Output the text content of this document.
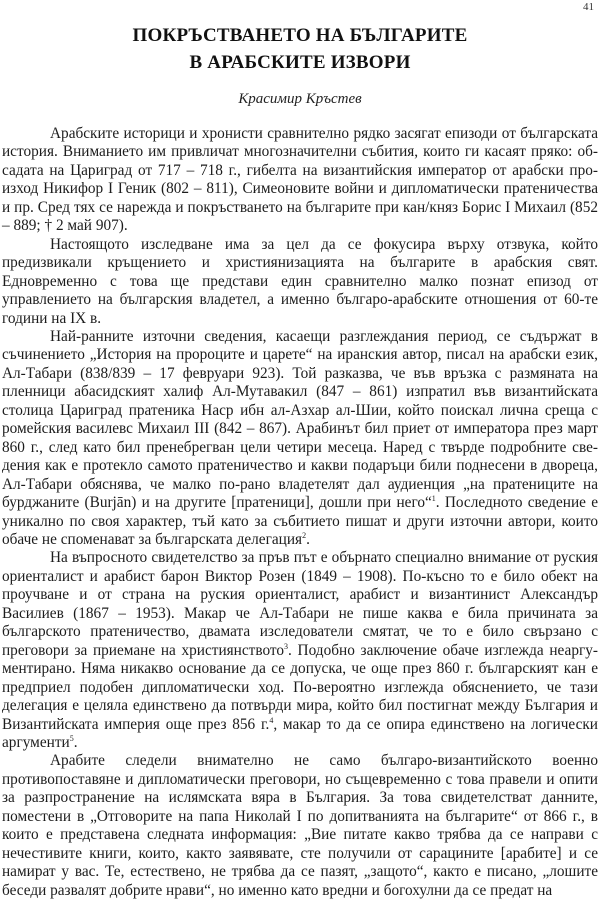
41
ПОКРЪСТВАНЕТО НА БЪЛГАРИТЕ
В АРАБСКИТЕ ИЗВОРИ
Красимир Кръстев

Арабските историци и хронисти сравнително рядко засягат епизоди от българската история. Вниманието им привличат многозначителни събития, които ги касаят пряко: обсадата на Цариград от 717 – 718 г., гибелта на византийския император от арабски произход Никифор I Геник (802 – 811), Симеоновите войни и дипломатически пратеничества и пр. Сред тях се нарежда и покръстването на българите при кан/княз Борис I Михаил (852 – 889; † 2 май 907).

Настоящото изследване има за цел да се фокусира върху отзвука, който предизвикали кръщението и християнизацията на българите в арабския свят. Едновременно с това ще представи един сравнително малко познат епизод от управлението на българския владетел, а именно българо-арабските отношения от 60-те години на IX в.

Най-ранните източни сведения, касаещи разглеждания период, се съдържат в съчинението „История на пророците и царете“ на иранския автор, писал на арабски език, Ал-Табари (838/839 – 17 февруари 923). Той разказва, че във връзка с размяната на пленници абасидският халиф Ал-Мутавакил (847 – 861) изпратил във византийската столица Цариград пратеника Наср ибн ал-Азхар ал-Шии, който поискал лична среща с ромейския василевс Михаил III (842 – 867). Арабинът бил приет от императора през март 860 г., след като бил пренебрегван цели четири месеца. Наред с твърде подробните сведения как е протекло самото пратеничество и какви подаръци били поднесени в двореца, Ал-Табари обяснява, че малко по-рано владетелят дал аудиенция „на пратениците на бурджаните (Burjān) и на другите [пратеници], дошли при него“$^1$. Последното сведение е уникално по своя характер, тъй като за събитието пишат и други източни автори, които обаче не споменават за българската делегация$^2$.

На въпросното свидетелство за пръв път е обърнато специално внимание от руския ориенталист и арабист барон Виктор Розен (1849 – 1908). По-късно то е било обект на проучване и от страна на руския ориенталист, арабист и византинист Александър Василиев (1867 – 1953). Макар че Ал-Табари не пише каква е била причината за българското пратеничество, двамата изследователи смятат, че то е било свързано с преговори за приемане на християнството$^3$. Подобно заключение обаче изглежда неаргументирано. Няма никакво основание да се допуска, че още през 860 г. българският кан е предприел подобен дипломатически ход. По-вероятно изглежда обяснението, че тази делегация е целяла единствено да потвърди мира, който бил постигнат между България и Византийската империя още през 856 г.$^4$, макар то да се опира единствено на логически аргументи$^5$.

Арабите следели внимателно не само българо-византийското военно противопоставяне и дипломатически преговори, но същевременно с това правели и опити за разпространение на ислямската вяра в България. За това свидетелстват данните, поместени в „Отговорите на папа Николай I по допитванията на българите“ от 866 г., в които е представена следната информация: „Вие питате какво трябва да се направи с нечестивите книги, които, както заявявате, сте получили от сарацините [арабите] и се намират у вас. Те, естествено, не трябва да се пазят, „защото“, както е писано, „лошите беседи развалят добрите нрави“, но именно като вредни и богохулни да се предат на
